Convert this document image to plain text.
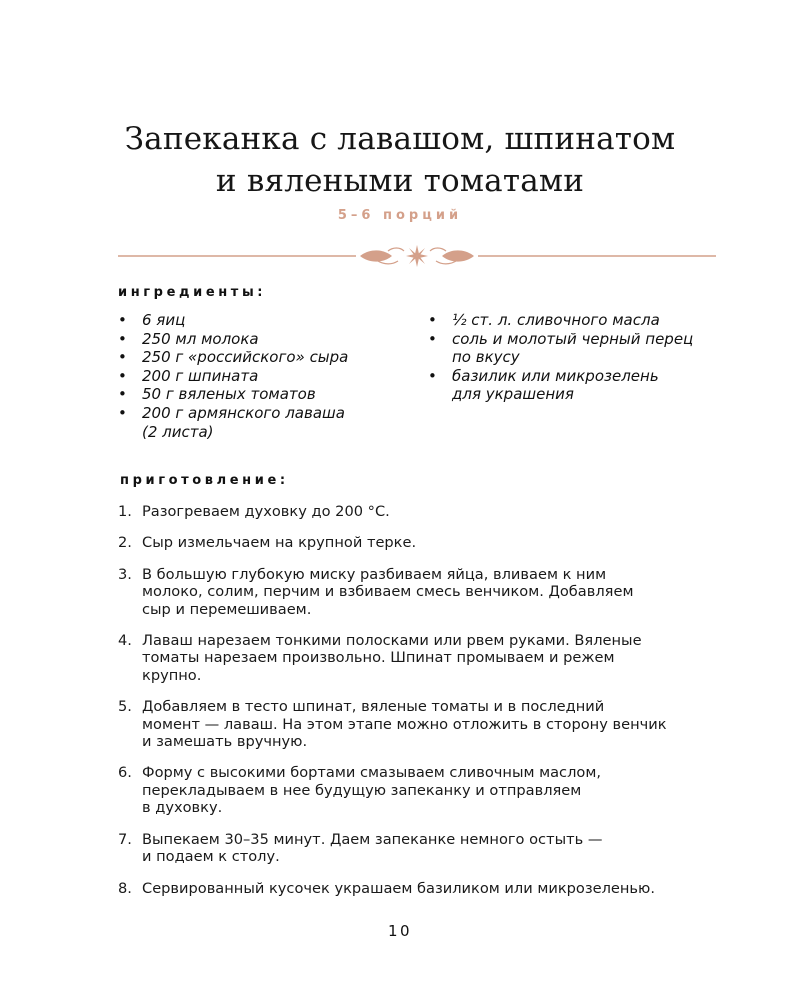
Запеканка с лавашом, шпинатом
и вялеными томатами
5–6 порций
ингредиенты:
• 6 яиц
• 250 мл молока
• 250 г «российского» сыра
• 200 г шпината
• 50 г вяленых томатов
• 200 г армянского лаваша
(2 листа)
• ½ ст. л. сливочного масла
• соль и молотый черный перец
по вкусу
• базилик или микрозелень
для украшения
приготовление:
1. Разогреваем духовку до 200 °С.
2. Сыр измельчаем на крупной терке.
3. В большую глубокую миску разбиваем яйца, вливаем к ним
молоко, солим, перчим и взбиваем смесь венчиком. Добавляем
сыр и перемешиваем.
4. Лаваш нарезаем тонкими полосками или рвем руками. Вяленые
томаты нарезаем произвольно. Шпинат промываем и режем
крупно.
5. Добавляем в тесто шпинат, вяленые томаты и в последний
момент — лаваш. На этом этапе можно отложить в сторону венчик
и замешать вручную.
6. Форму с высокими бортами смазываем сливочным маслом,
перекладываем в нее будущую запеканку и отправляем
в духовку.
7. Выпекаем 30–35 минут. Даем запеканке немного остыть —
и подаем к столу.
8. Сервированный кусочек украшаем базиликом или микрозеленью.
10
